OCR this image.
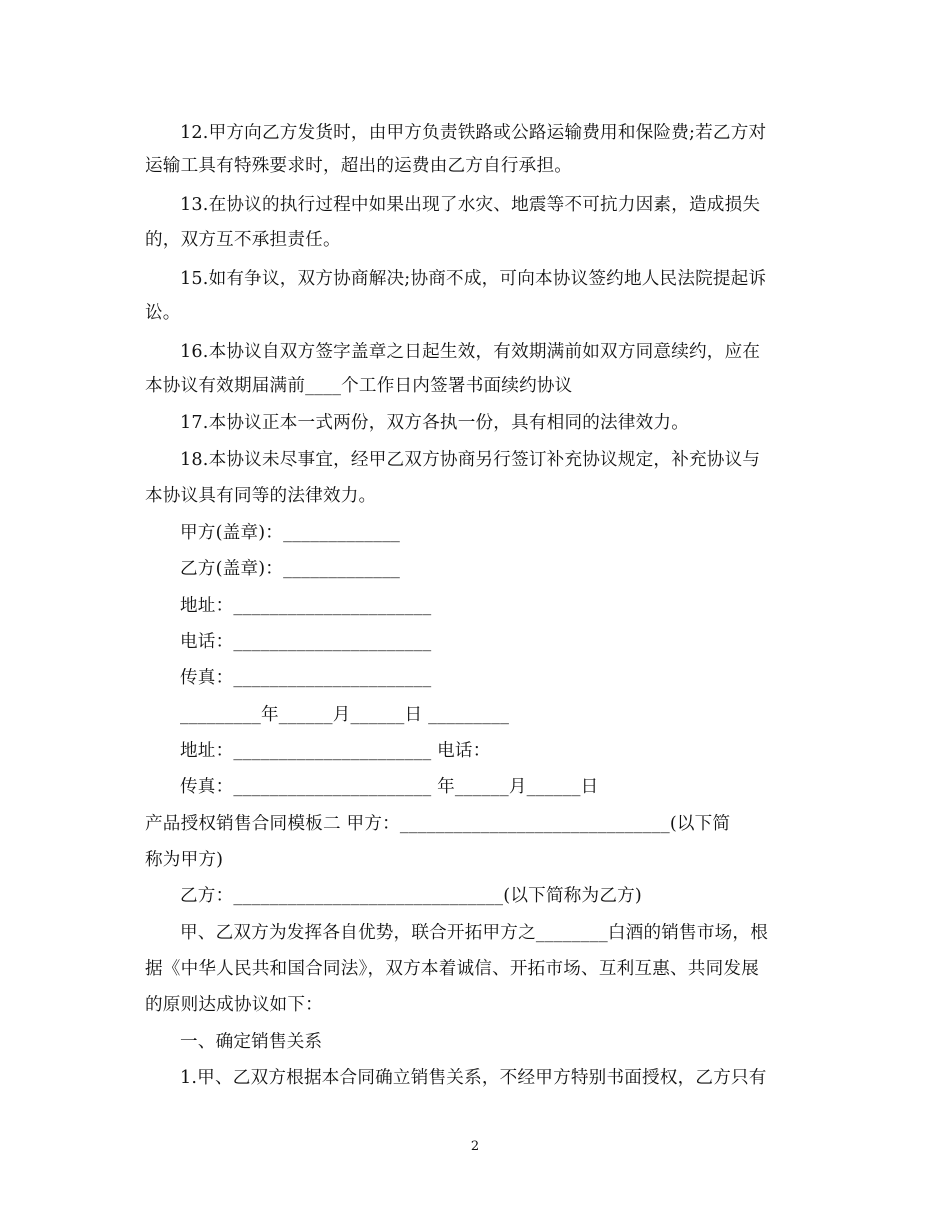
12.甲方向乙方发货时，由甲方负责铁路或公路运输费用和保险费;若乙方对
运输工具有特殊要求时，超出的运费由乙方自行承担。
13.在协议的执行过程中如果出现了水灾、地震等不可抗力因素，造成损失
的，双方互不承担责任。
15.如有争议，双方协商解决;协商不成，可向本协议签约地人民法院提起诉
讼。
16.本协议自双方签字盖章之日起生效，有效期满前如双方同意续约，应在
本协议有效期届满前____个工作日内签署书面续约协议
17.本协议正本一式两份，双方各执一份，具有相同的法律效力。
18.本协议未尽事宜，经甲乙双方协商另行签订补充协议规定，补充协议与
本协议具有同等的法律效力。
甲方(盖章)：_____________
乙方(盖章)：_____________
地址：______________________
电话：______________________
传真：______________________
_________年______月______日 _________
地址：______________________ 电话：
传真：______________________ 年______月______日
产品授权销售合同模板二 甲方：______________________________(以下简
称为甲方)
乙方：______________________________(以下简称为乙方)
甲、乙双方为发挥各自优势，联合开拓甲方之________白酒的销售市场，根
据《中华人民共和国合同法》，双方本着诚信、开拓市场、互利互惠、共同发展
的原则达成协议如下：
一、确定销售关系
1.甲、乙双方根据本合同确立销售关系，不经甲方特别书面授权，乙方只有
2
